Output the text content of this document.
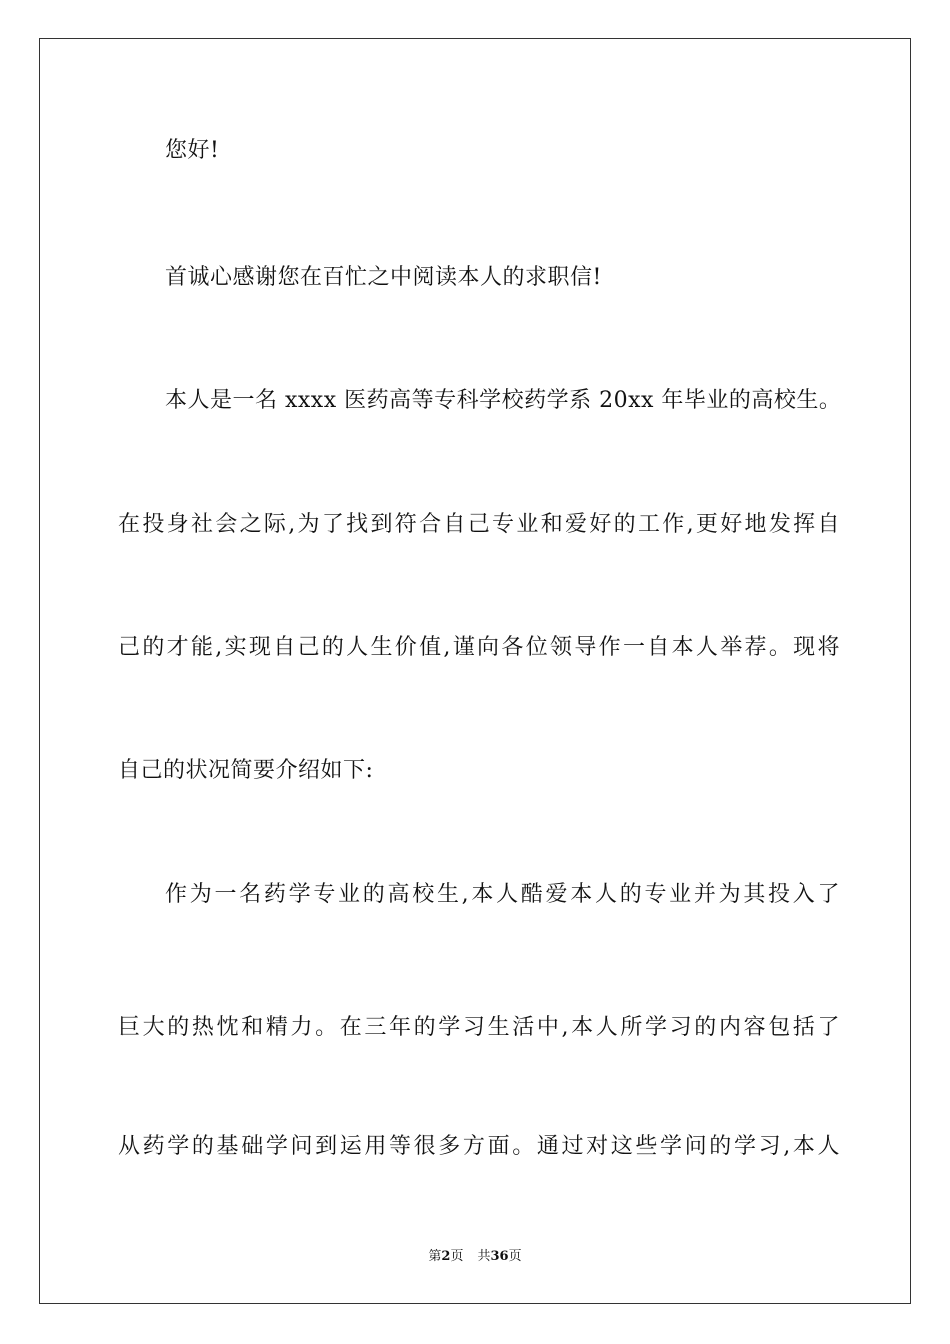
您好!
首诚心感谢您在百忙之中阅读本人的求职信!
本人是一名 xxxx 医药高等专科学校药学系 20xx 年毕业的高校生。
在投身社会之际,为了找到符合自己专业和爱好的工作,更好地发挥自
己的才能,实现自己的人生价值,谨向各位领导作一自本人举荐。现将
自己的状况简要介绍如下:
作为一名药学专业的高校生,本人酷爱本人的专业并为其投入了
巨大的热忱和精力。在三年的学习生活中,本人所学习的内容包括了
从药学的基础学问到运用等很多方面。通过对这些学问的学习,本人
第2页 共36页
